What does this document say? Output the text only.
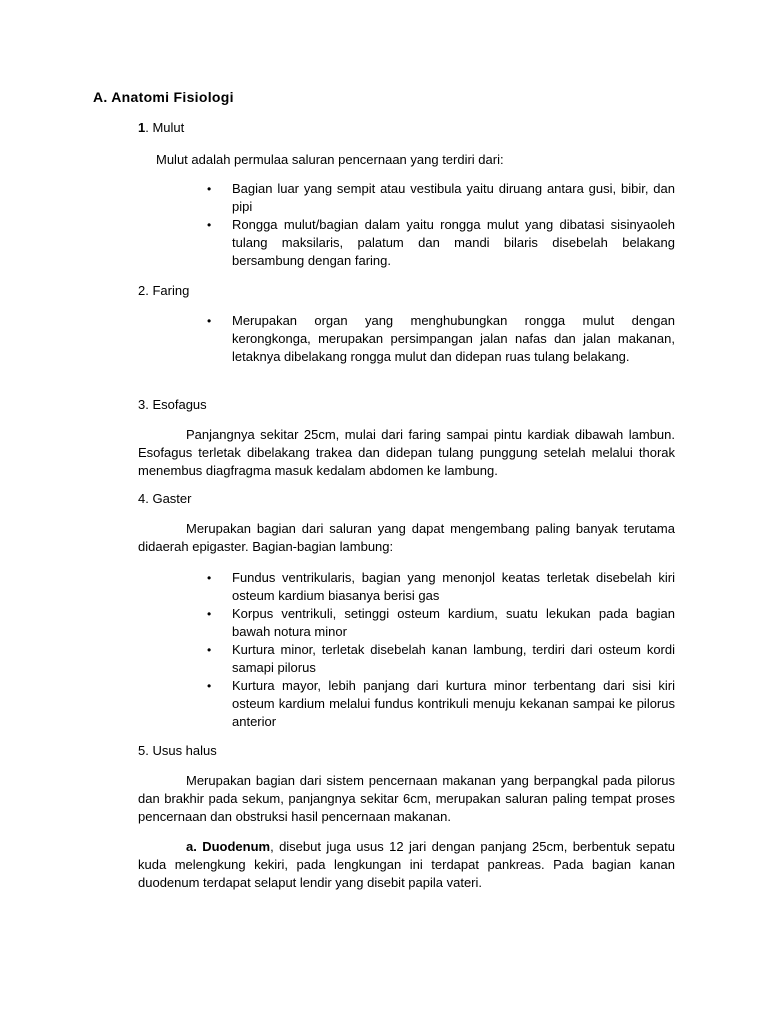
A. Anatomi Fisiologi
1. Mulut
Mulut adalah permulaa saluran pencernaan yang terdiri dari:
• Bagian luar yang sempit atau vestibula yaitu diruang antara gusi, bibir, dan pipi
• Rongga mulut/bagian dalam yaitu rongga mulut yang dibatasi sisinyaoleh tulang maksilaris, palatum dan mandi bilaris disebelah belakang bersambung dengan faring.
2. Faring
• Merupakan organ yang menghubungkan rongga mulut dengan kerongkonga, merupakan persimpangan jalan nafas dan jalan makanan, letaknya dibelakang rongga mulut dan didepan ruas tulang belakang.
3. Esofagus
Panjangnya sekitar 25cm, mulai dari faring sampai pintu kardiak dibawah lambun. Esofagus terletak dibelakang trakea dan didepan tulang punggung setelah melalui thorak menembus diagfragma masuk kedalam abdomen ke lambung.
4. Gaster
Merupakan bagian dari saluran yang dapat mengembang paling banyak terutama didaerah epigaster. Bagian-bagian lambung:
• Fundus ventrikularis, bagian yang menonjol keatas terletak disebelah kiri osteum kardium biasanya berisi gas
• Korpus ventrikuli, setinggi osteum kardium, suatu lekukan pada bagian bawah notura minor
• Kurtura minor, terletak disebelah kanan lambung, terdiri dari osteum kordi samapi pilorus
• Kurtura mayor, lebih panjang dari kurtura minor terbentang dari sisi kiri osteum kardium melalui fundus kontrikuli menuju kekanan sampai ke pilorus anterior
5. Usus halus
Merupakan bagian dari sistem pencernaan makanan yang berpangkal pada pilorus dan brakhir pada sekum, panjangnya sekitar 6cm, merupakan saluran paling tempat proses pencernaan dan obstruksi hasil pencernaan makanan.
a. Duodenum, disebut juga usus 12 jari dengan panjang 25cm, berbentuk sepatu kuda melengkung kekiri, pada lengkungan ini terdapat pankreas. Pada bagian kanan duodenum terdapat selaput lendir yang disebit papila vateri.
